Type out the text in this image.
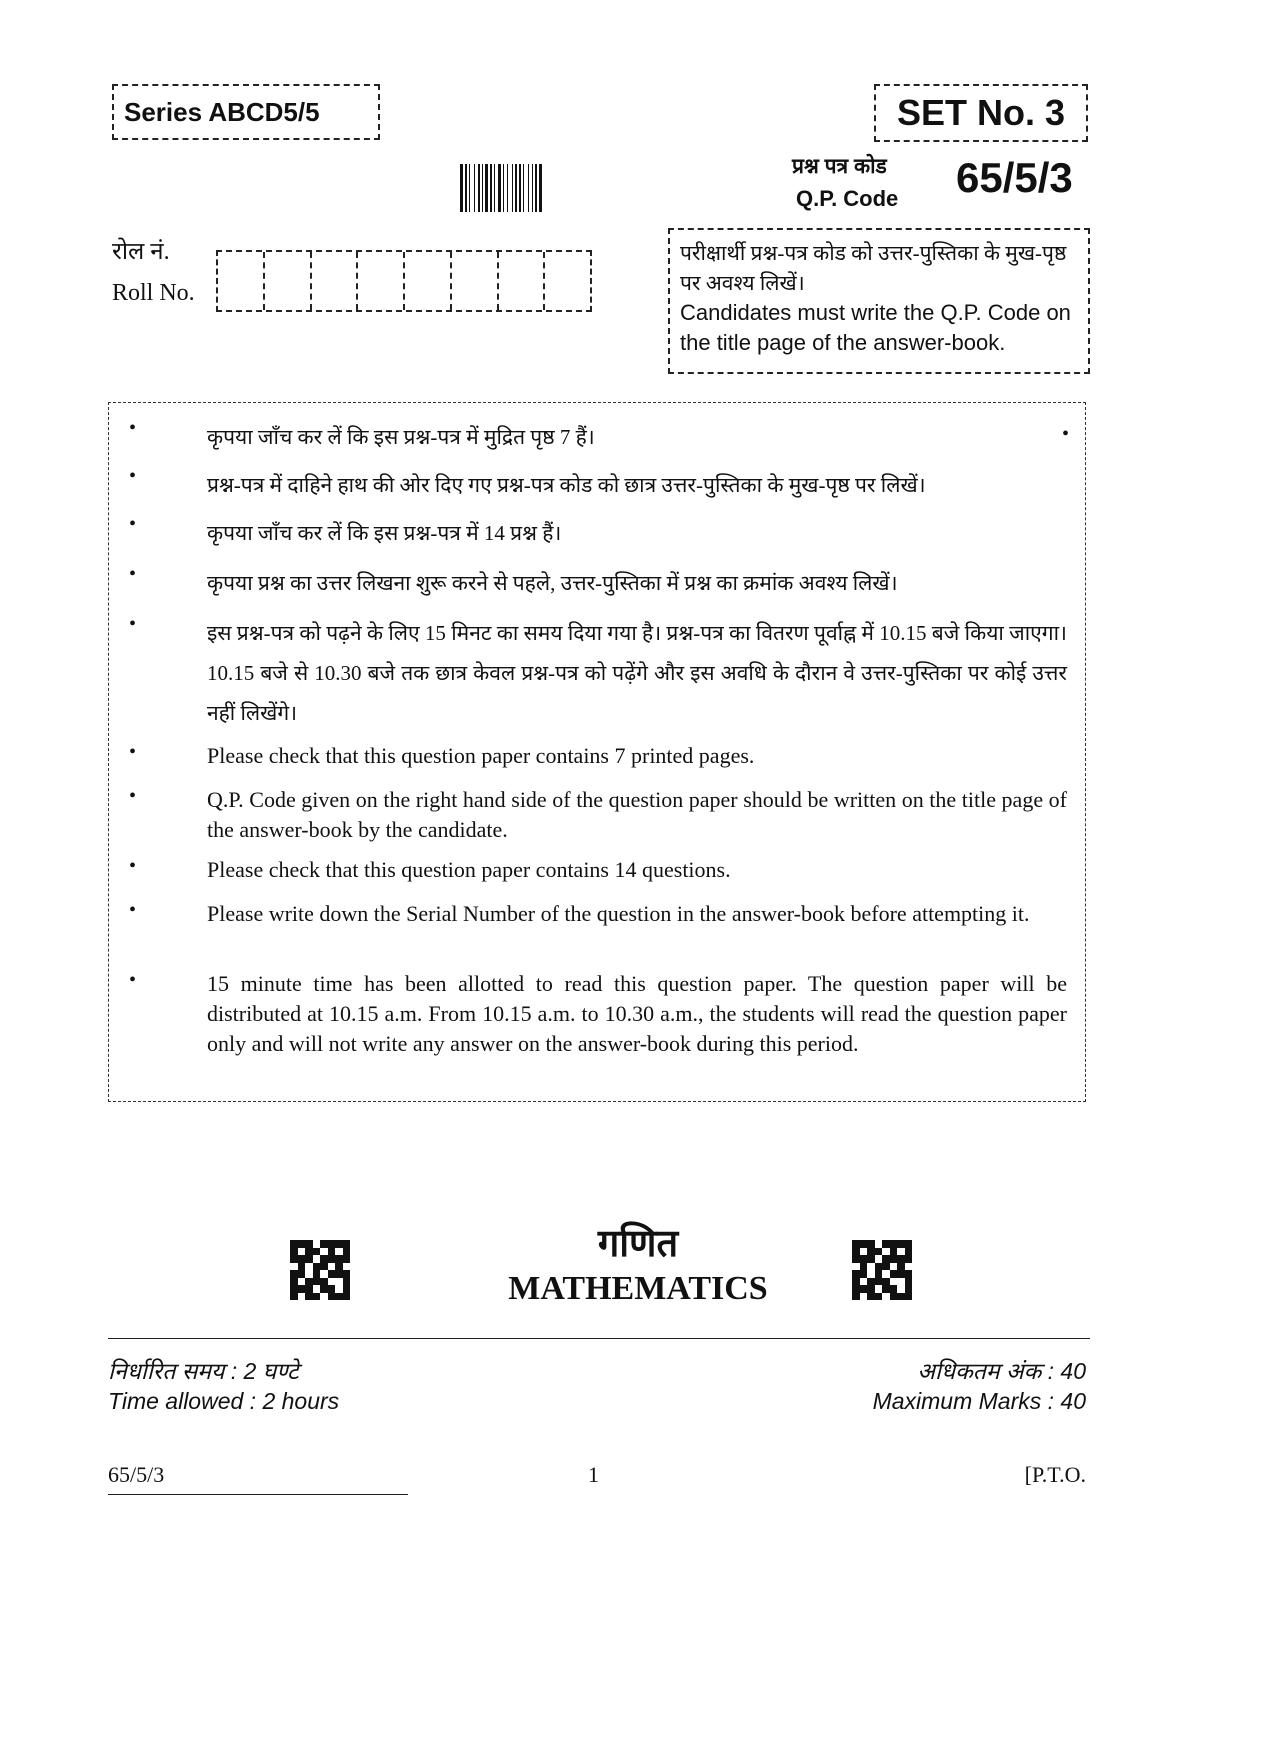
Series ABCD5/5	SET No. 3
प्रश्न पत्र कोड
Q.P. Code 65/5/3
रोल नं.
Roll No.
परीक्षार्थी प्रश्न-पत्र कोड को उत्तर-पुस्तिका के मुख-पृष्ठ पर अवश्य लिखें।
Candidates must write the Q.P. Code on the title page of the answer-book.
•
•	कृपया जाँच कर लें कि इस प्रश्न-पत्र में मुद्रित पृष्ठ 7 हैं।
•	प्रश्न-पत्र में दाहिने हाथ की ओर दिए गए प्रश्न-पत्र कोड को छात्र उत्तर-पुस्तिका के मुख-पृष्ठ पर लिखें।
•	कृपया जाँच कर लें कि इस प्रश्न-पत्र में 14 प्रश्न हैं।
•	कृपया प्रश्न का उत्तर लिखना शुरू करने से पहले, उत्तर-पुस्तिका में प्रश्न का क्रमांक अवश्य लिखें।
•	इस प्रश्न-पत्र को पढ़ने के लिए 15 मिनट का समय दिया गया है। प्रश्न-पत्र का वितरण पूर्वाह्न में 10.15 बजे किया जाएगा। 10.15 बजे से 10.30 बजे तक छात्र केवल प्रश्न-पत्र को पढ़ेंगे और इस अवधि के दौरान वे उत्तर-पुस्तिका पर कोई उत्तर नहीं लिखेंगे।
•	Please check that this question paper contains 7 printed pages.
•	Q.P. Code given on the right hand side of the question paper should be written on the title page of the answer-book by the candidate.
•	Please check that this question paper contains 14 questions.
•	Please write down the Serial Number of the question in the answer-book before attempting it.
•	15 minute time has been allotted to read this question paper. The question paper will be distributed at 10.15 a.m. From 10.15 a.m. to 10.30 a.m., the students will read the question paper only and will not write any answer on the answer-book during this period.
गणित
MATHEMATICS
निर्धारित समय : 2 घण्टे
Time allowed : 2 hours
अधिकतम अंक : 40
Maximum Marks : 40
65/5/3	1	[P.T.O.
